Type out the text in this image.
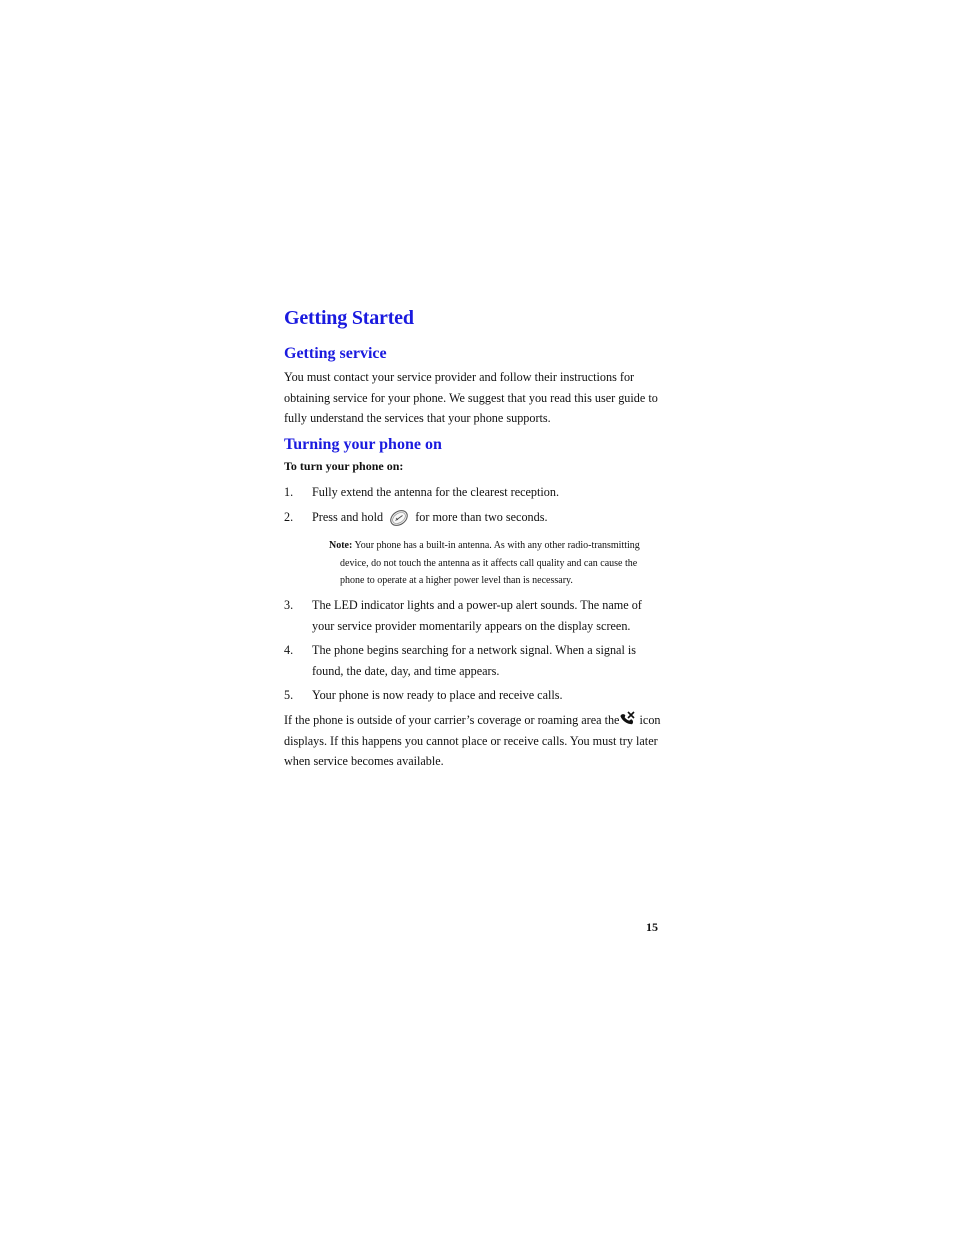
Getting Started
Getting service

You must contact your service provider and follow their instructions for obtaining service for your phone. We suggest that you read this user guide to fully understand the services that your phone supports.

Turning your phone on

To turn your phone on:

1. Fully extend the antenna for the clearest reception.
2. Press and hold	for more than two seconds.
Note: Your phone has a built-in antenna. As with any other radio-transmitting
device, do not touch the antenna as it affects call quality and can cause the
phone to operate at a higher power level than is necessary.
3. The LED indicator lights and a power-up alert sounds. The name of your service provider momentarily appears on the display screen.
4. The phone begins searching for a network signal. When a signal is found, the date, day, and time appears.
5. Your phone is now ready to place and receive calls.

If the phone is outside of your carrier’s coverage or roaming area the icon displays. If this happens you cannot place or receive calls. You must try later when service becomes available.

15
